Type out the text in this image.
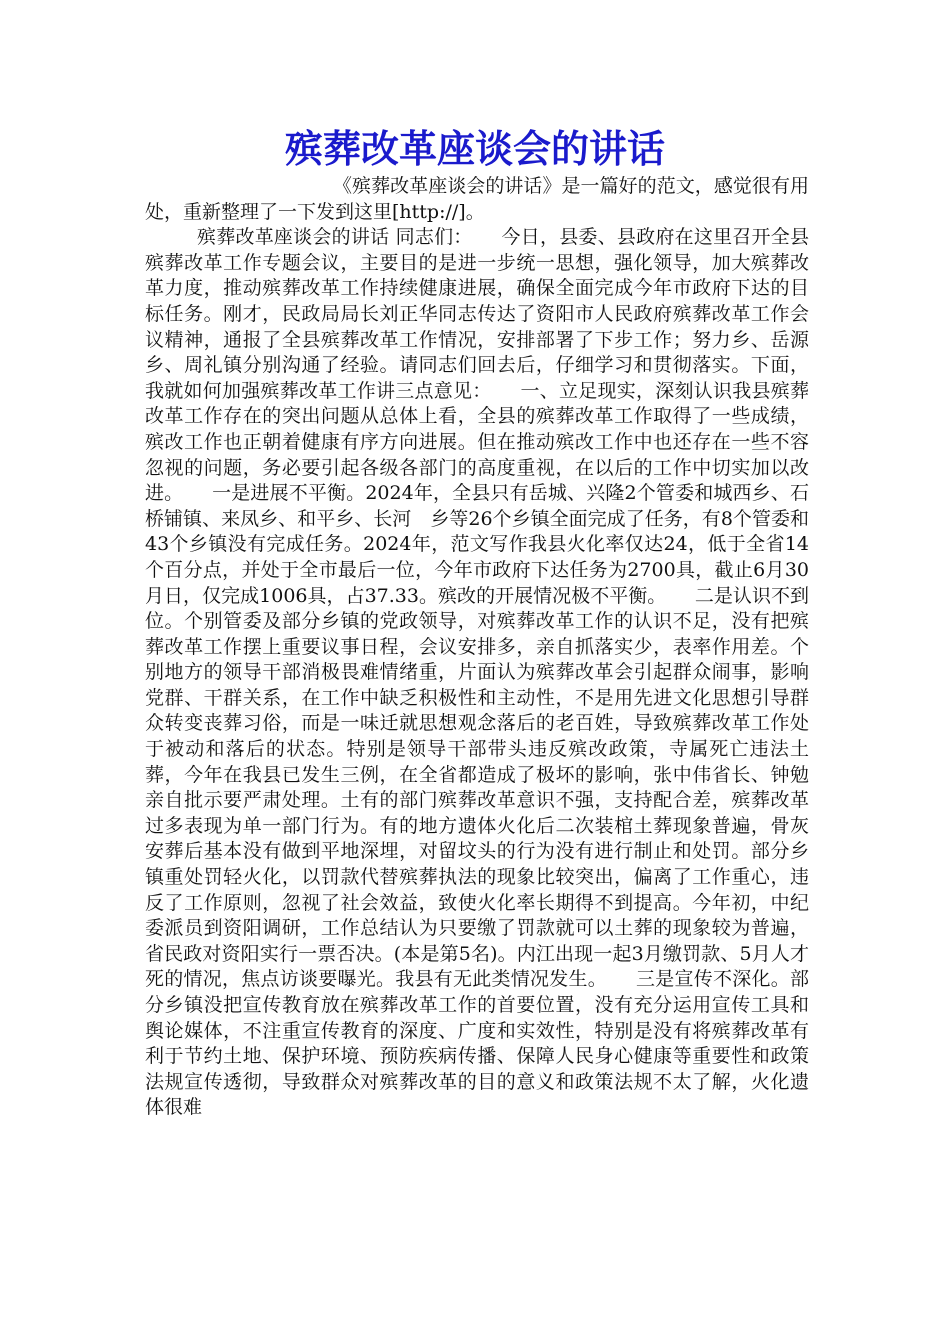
殡葬改革座谈会的讲话

《殡葬改革座谈会的讲话》是一篇好的范文，感觉很有用处，重新整理了一下发到这里[http://]。

殡葬改革座谈会的讲话 同志们：　　今日，县委、县政府在这里召开全县殡葬改革工作专题会议，主要目的是进一步统一思想，强化领导，加大殡葬改革力度，推动殡葬改革工作持续健康进展，确保全面完成今年市政府下达的目标任务。刚才，民政局局长刘正华同志传达了资阳市人民政府殡葬改革工作会议精神，通报了全县殡葬改革工作情况，安排部署了下步工作；努力乡、岳源乡、周礼镇分别沟通了经验。请同志们回去后，仔细学习和贯彻落实。下面，我就如何加强殡葬改革工作讲三点意见：　　一、立足现实，深刻认识我县殡葬改革工作存在的突出问题从总体上看，全县的殡葬改革工作取得了一些成绩，殡改工作也正朝着健康有序方向进展。但在推动殡改工作中也还存在一些不容忽视的问题，务必要引起各级各部门的高度重视，在以后的工作中切实加以改进。　　一是进展不平衡。2024年，全县只有岳城、兴隆2个管委和城西乡、石桥铺镇、来凤乡、和平乡、长河　乡等26个乡镇全面完成了任务，有8个管委和43个乡镇没有完成任务。2024年，范文写作我县火化率仅达24，低于全省14个百分点，并处于全市最后一位，今年市政府下达任务为2700具，截止6月30月日，仅完成1006具，占37.33。殡改的开展情况极不平衡。　　二是认识不到位。个别管委及部分乡镇的党政领导，对殡葬改革工作的认识不足，没有把殡葬改革工作摆上重要议事日程，会议安排多，亲自抓落实少，表率作用差。个别地方的领导干部消极畏难情绪重，片面认为殡葬改革会引起群众闹事，影响党群、干群关系，在工作中缺乏积极性和主动性，不是用先进文化思想引导群众转变丧葬习俗，而是一味迁就思想观念落后的老百姓，导致殡葬改革工作处于被动和落后的状态。特别是领导干部带头违反殡改政策，寺属死亡违法土葬，今年在我县已发生三例，在全省都造成了极坏的影响，张中伟省长、钟勉亲自批示要严肃处理。土有的部门殡葬改革意识不强，支持配合差，殡葬改革过多表现为单一部门行为。有的地方遗体火化后二次装棺土葬现象普遍，骨灰安葬后基本没有做到平地深埋，对留坟头的行为没有进行制止和处罚。部分乡镇重处罚轻火化，以罚款代替殡葬执法的现象比较突出，偏离了工作重心，违反了工作原则，忽视了社会效益，致使火化率长期得不到提高。今年初，中纪委派员到资阳调研，工作总结认为只要缴了罚款就可以土葬的现象较为普遍，省民政对资阳实行一票否决。(本是第5名)。内江出现一起3月缴罚款、5月人才死的情况，焦点访谈要曝光。我县有无此类情况发生。　　三是宣传不深化。部分乡镇没把宣传教育放在殡葬改革工作的首要位置，没有充分运用宣传工具和舆论媒体，不注重宣传教育的深度、广度和实效性，特别是没有将殡葬改革有利于节约土地、保护环境、预防疾病传播、保障人民身心健康等重要性和政策法规宣传透彻，导致群众对殡葬改革的目的意义和政策法规不太了解，火化遗体很难
